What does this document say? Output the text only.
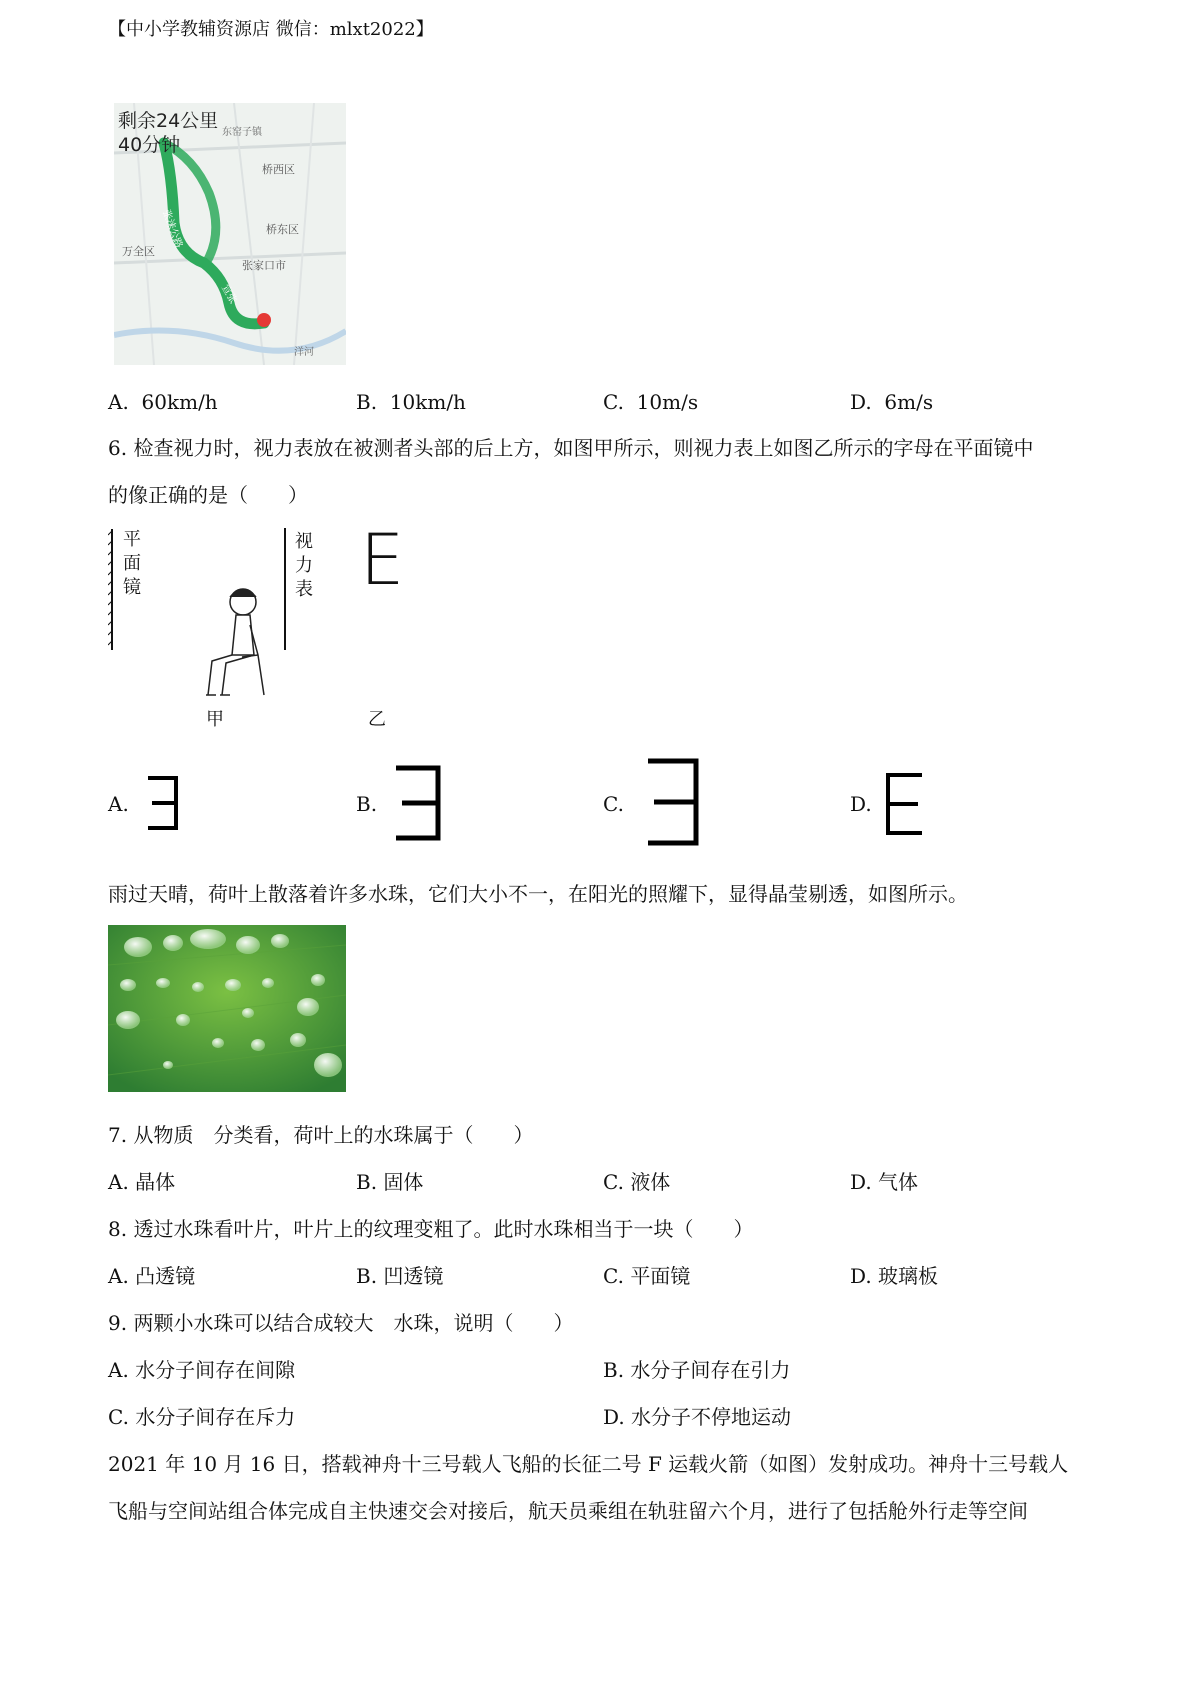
【中小学教辅资源店 微信：mlxt2022】
剩余24公里
40分钟
桥西区
桥东区
万全区
张家口市
东窑子镇
洋河
张涞公路
宣张
A. 60km/h	B. 10km/h	C. 10m/s	D. 6m/s
6. 检查视力时，视力表放在被测者头部的后上方，如图甲所示，则视力表上如图乙所示的字母在平面镜中
的像正确的是（　　）
平面镜
视力表 E
甲	乙
A.	B.	C.	D.
雨过天晴，荷叶上散落着许多水珠，它们大小不一，在阳光的照耀下，显得晶莹剔透，如图所示。
7. 从物质　分类看，荷叶上的水珠属于（　　）
A. 晶体	B. 固体	C. 液体	D. 气体
8. 透过水珠看叶片，叶片上的纹理变粗了。此时水珠相当于一块（　　）
A. 凸透镜	B. 凹透镜	C. 平面镜	D. 玻璃板
9. 两颗小水珠可以结合成较大　水珠，说明（　　）
A. 水分子间存在间隙	B. 水分子间存在引力
C. 水分子间存在斥力	D. 水分子不停地运动
2021 年 10 月 16 日，搭载神舟十三号载人飞船的长征二号 F 运载火箭（如图）发射成功。神舟十三号载人
飞船与空间站组合体完成自主快速交会对接后，航天员乘组在轨驻留六个月，进行了包括舱外行走等空间
